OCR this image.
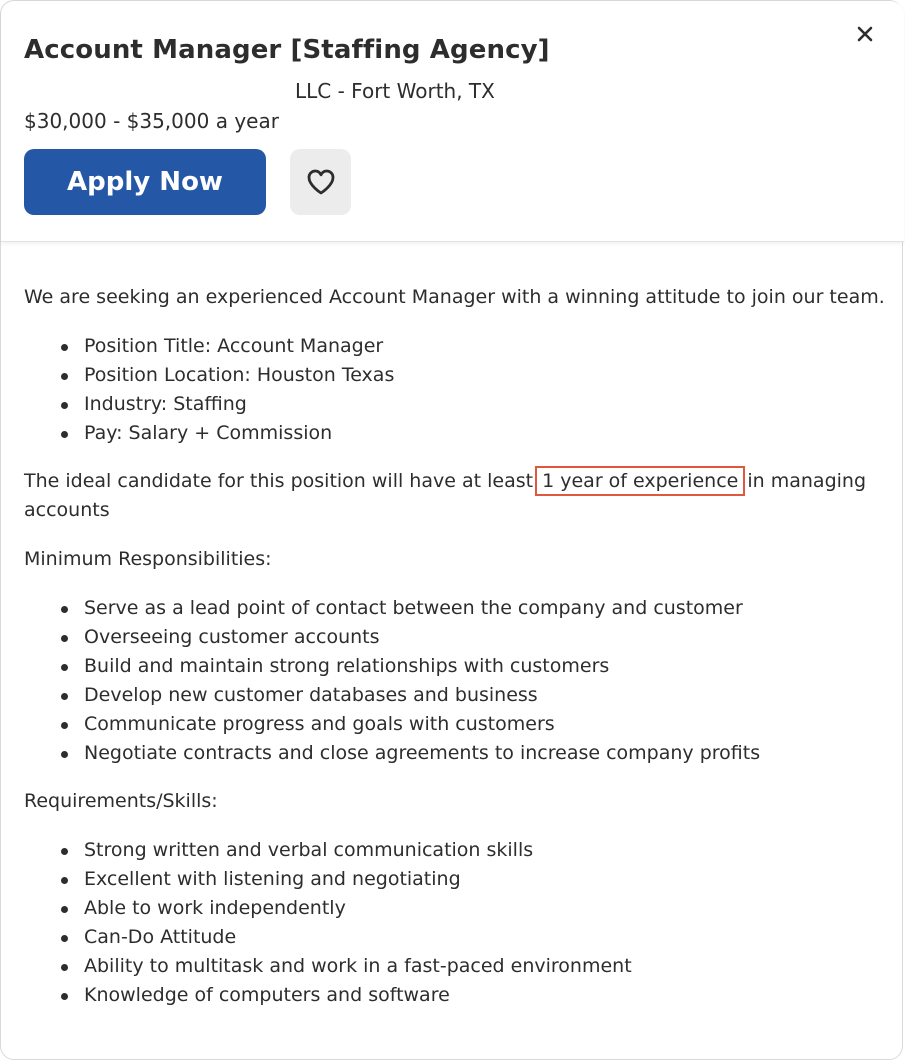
Account Manager [Staffing Agency]
LLC - Fort Worth, TX
$30,000 - $35,000 a year
Apply Now

We are seeking an experienced Account Manager with a winning attitude to join our team.

Position Title: Account Manager
Position Location: Houston Texas
Industry: Staffing
Pay: Salary + Commission

The ideal candidate for this position will have at least 1 year of experience in managing accounts

Minimum Responsibilities:

Serve as a lead point of contact between the company and customer
Overseeing customer accounts
Build and maintain strong relationships with customers
Develop new customer databases and business
Communicate progress and goals with customers
Negotiate contracts and close agreements to increase company profits

Requirements/Skills:

Strong written and verbal communication skills
Excellent with listening and negotiating
Able to work independently
Can-Do Attitude
Ability to multitask and work in a fast-paced environment
Knowledge of computers and software
